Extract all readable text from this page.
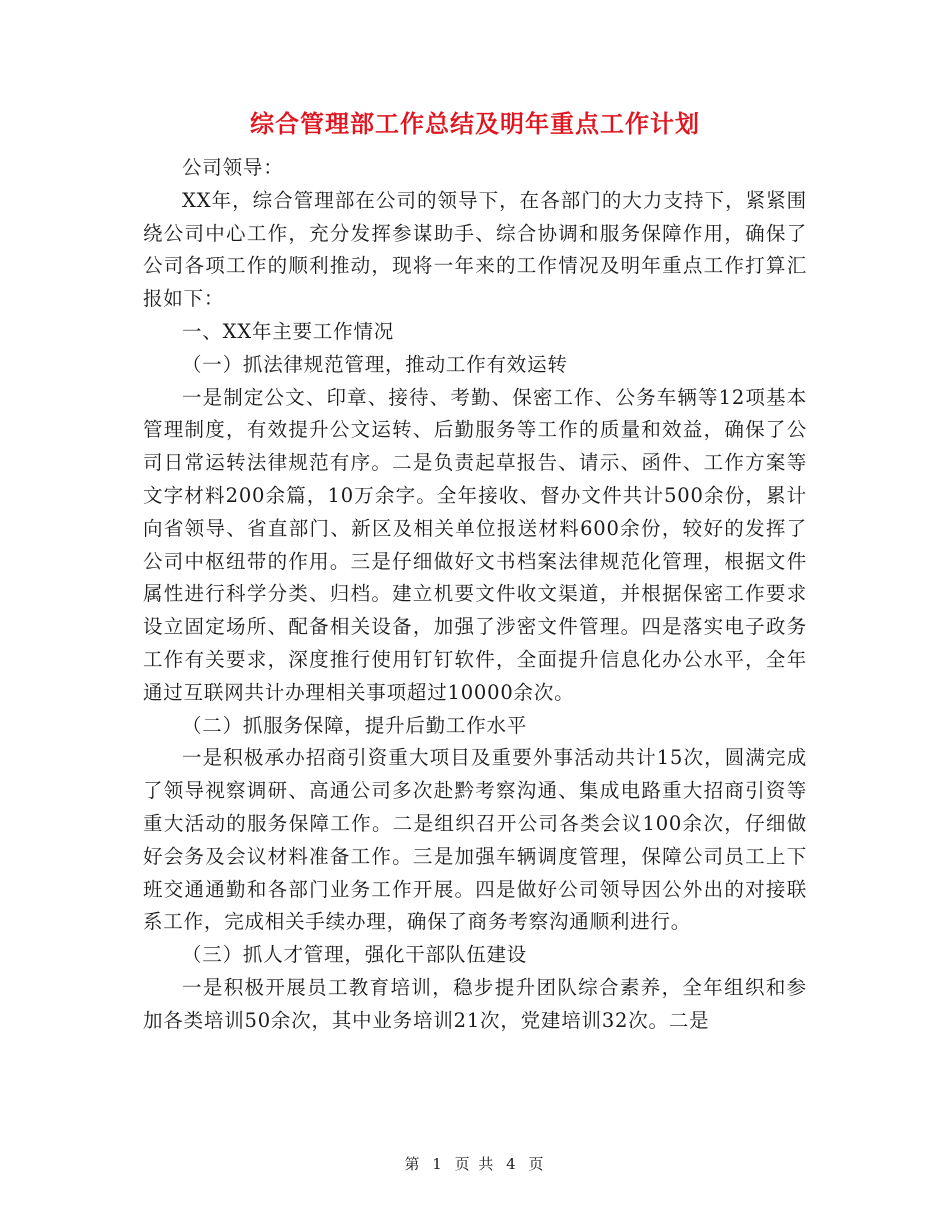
综合管理部工作总结及明年重点工作计划

公司领导：

XX年，综合管理部在公司的领导下，在各部门的大力支持下，紧紧围绕公司中心工作，充分发挥参谋助手、综合协调和服务保障作用，确保了公司各项工作的顺利推动，现将一年来的工作情况及明年重点工作打算汇报如下：

一、XX年主要工作情况

（一）抓法律规范管理，推动工作有效运转

一是制定公文、印章、接待、考勤、保密工作、公务车辆等12项基本管理制度，有效提升公文运转、后勤服务等工作的质量和效益，确保了公司日常运转法律规范有序。二是负责起草报告、请示、函件、工作方案等文字材料200余篇，10万余字。全年接收、督办文件共计500余份，累计向省领导、省直部门、新区及相关单位报送材料600余份，较好的发挥了公司中枢纽带的作用。三是仔细做好文书档案法律规范化管理，根据文件属性进行科学分类、归档。建立机要文件收文渠道，并根据保密工作要求设立固定场所、配备相关设备，加强了涉密文件管理。四是落实电子政务工作有关要求，深度推行使用钉钉软件，全面提升信息化办公水平，全年通过互联网共计办理相关事项超过10000余次。

（二）抓服务保障，提升后勤工作水平

一是积极承办招商引资重大项目及重要外事活动共计15次，圆满完成了领导视察调研、高通公司多次赴黔考察沟通、集成电路重大招商引资等重大活动的服务保障工作。二是组织召开公司各类会议100余次，仔细做好会务及会议材料准备工作。三是加强车辆调度管理，保障公司员工上下班交通通勤和各部门业务工作开展。四是做好公司领导因公外出的对接联系工作，完成相关手续办理，确保了商务考察沟通顺利进行。

（三）抓人才管理，强化干部队伍建设

一是积极开展员工教育培训，稳步提升团队综合素养，全年组织和参加各类培训50余次，其中业务培训21次，党建培训32次。二是

第 1 页 共 4 页
